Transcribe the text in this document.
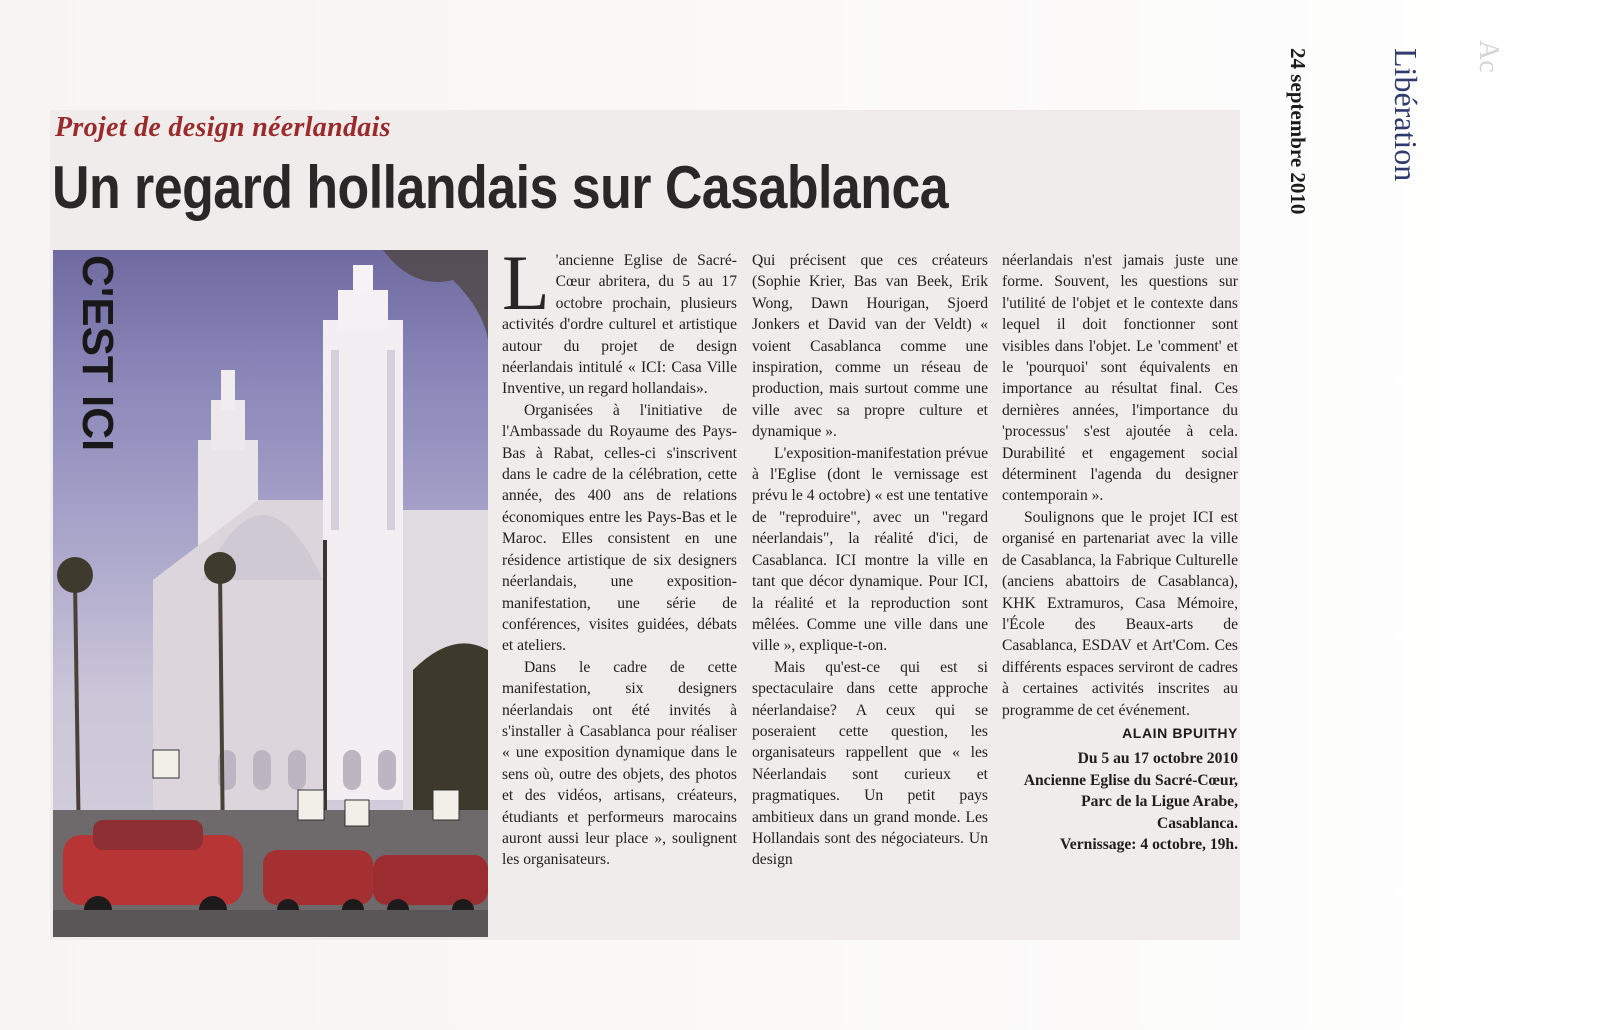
Projet de design néerlandais
Un regard hollandais sur Casablanca
C'EST ICI	L 'ancienne Eglise de Sacré-Cœur abritera, du 5 au 17 octobre prochain, plusieurs activités d'ordre culturel et artistique autour du projet de design néerlandais intitulé « ICI: Casa Ville Inventive, un regard hollandais».

Organisées à l'initiative de l'Ambassade du Royaume des Pays-Bas à Rabat, celles-ci s'inscrivent dans le cadre de la célébration, cette année, des 400 ans de relations économiques entre les Pays-Bas et le Maroc. Elles consistent en une résidence artistique de six designers néerlandais, une exposition-manifestation, une série de conférences, visites guidées, débats et ateliers.

Dans le cadre de cette manifestation, six designers néerlandais ont été invités à s'installer à Casablanca pour réaliser « une exposition dynamique dans le sens où, outre des objets, des photos et des vidéos, artisans, créateurs, étudiants et performeurs marocains auront aussi leur place », soulignent les organisateurs.

Qui précisent que ces créateurs (Sophie Krier, Bas van Beek, Erik Wong, Dawn Hourigan, Sjoerd Jonkers et David van der Veldt) « voient Casablanca comme une inspiration, comme un réseau de production, mais surtout comme une ville avec sa propre culture et dynamique ».

L'exposition-manifestation prévue à l'Eglise (dont le vernissage est prévu le 4 octobre) « est une tentative de "reproduire", avec un "regard néerlandais", la réalité d'ici, de Casablanca. ICI montre la ville en tant que décor dynamique. Pour ICI, la réalité et la reproduction sont mêlées. Comme une ville dans une ville », explique-t-on.

Mais qu'est-ce qui est si spectaculaire dans cette approche néerlandaise? A ceux qui se poseraient cette question, les organisateurs rappellent que « les Néerlandais sont curieux et pragmatiques. Un petit pays ambitieux dans un grand monde. Les Hollandais sont des négociateurs. Un design

néerlandais n'est jamais juste une forme. Souvent, les questions sur l'utilité de l'objet et le contexte dans lequel il doit fonctionner sont visibles dans l'objet. Le 'comment' et le 'pourquoi' sont équivalents en importance au résultat final. Ces dernières années, l'importance du 'processus' s'est ajoutée à cela. Durabilité et engagement social déterminent l'agenda du designer contemporain ».

Soulignons que le projet ICI est organisé en partenariat avec la ville de Casablanca, la Fabrique Culturelle (anciens abattoirs de Casablanca), KHK Extramuros, Casa Mémoire, l'École des Beaux-arts de Casablanca, ESDAV et Art'Com. Ces différents espaces serviront de cadres à certaines activités inscrites au programme de cet événement.

ALAIN BPUITHY
Du 5 au 17 octobre 2010
Ancienne Eglise du Sacré-Cœur,
Parc de la Ligue Arabe, Casablanca.
Vernissage: 4 octobre, 19h.
24 septembre 2010 Libération Ac
